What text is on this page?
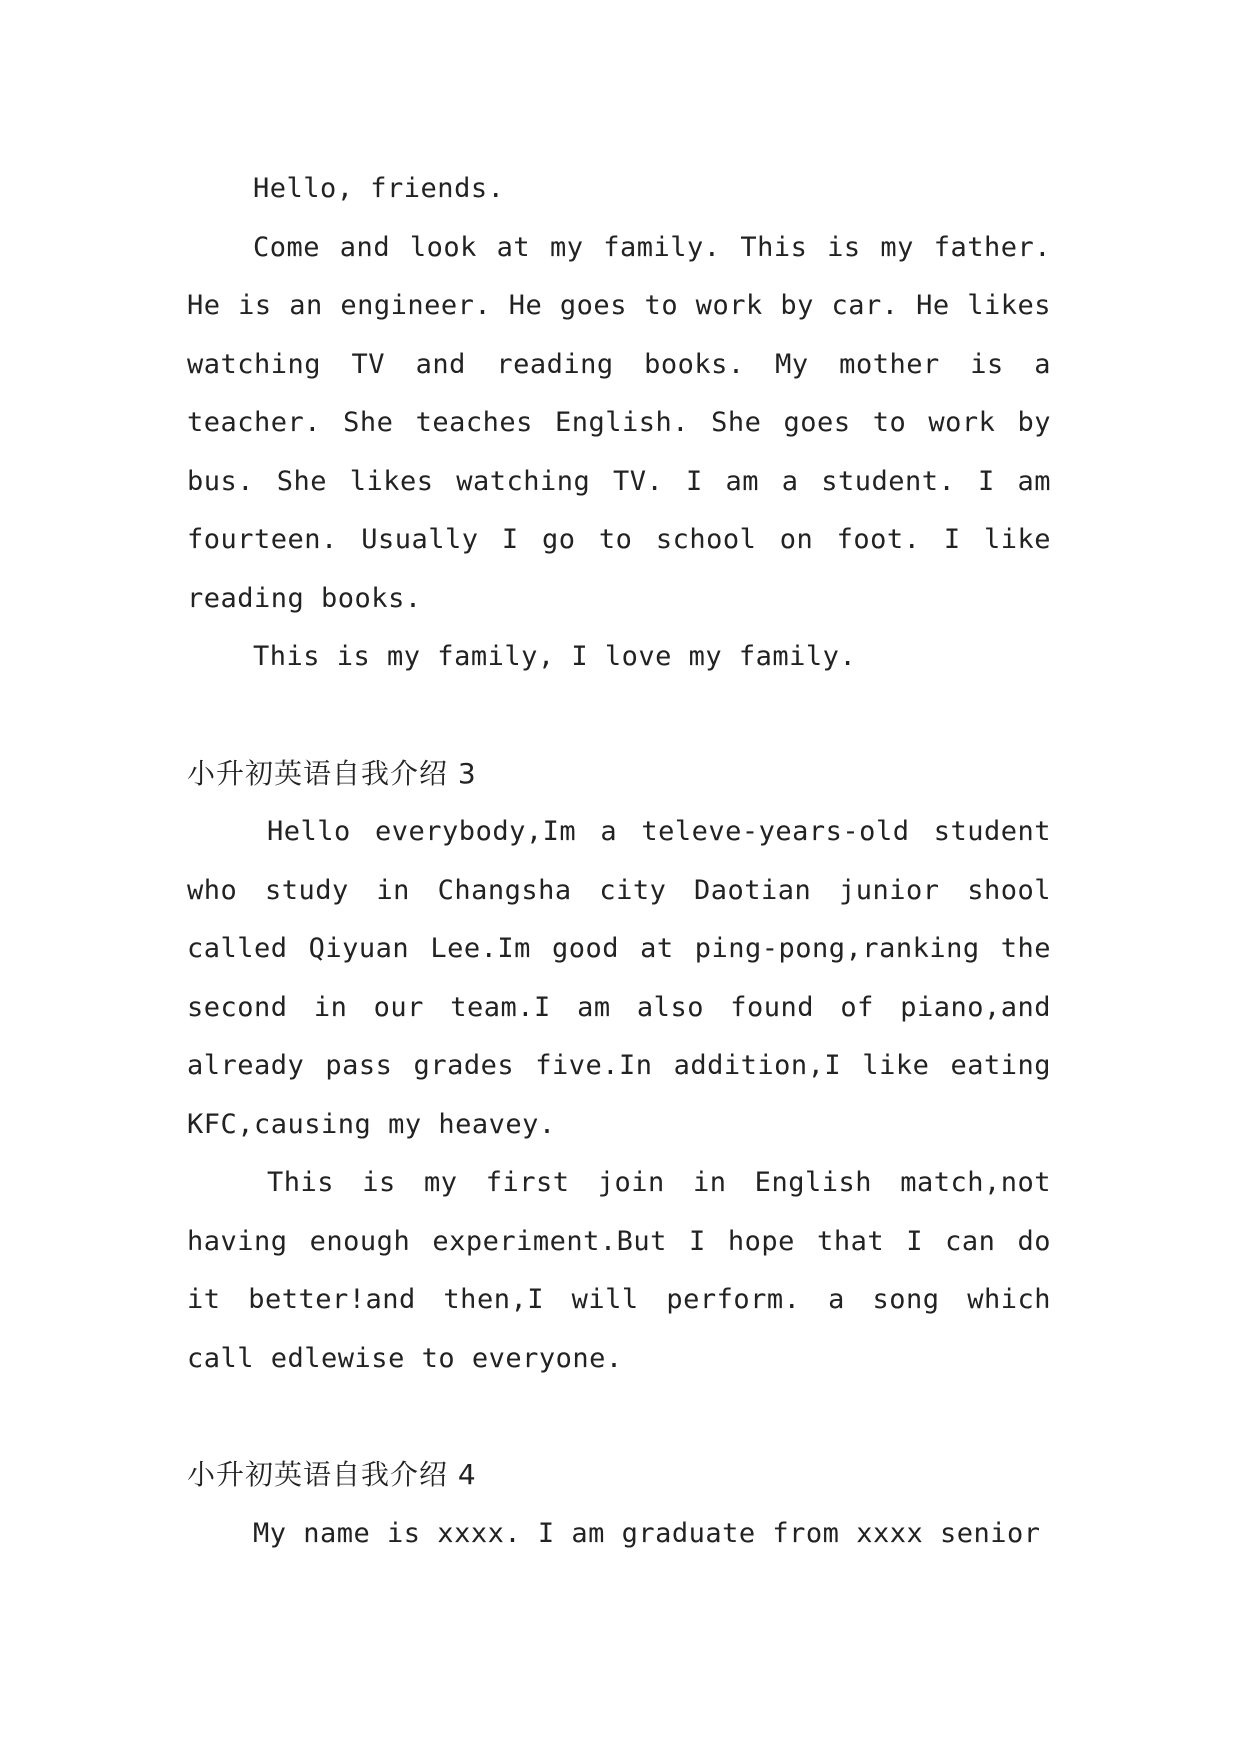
Hello, friends.

Come and look at my family. This is my father. He is an engineer. He goes to work by car. He likes watching TV and reading books. My mother is a teacher. She teaches English. She goes to work by bus. She likes watching TV. I am a student. I am fourteen. Usually I go to school on foot. I like reading books.

This is my family, I love my family.

小升初英语自我介绍 3

Hello everybody,Im a televe-years-old student who study in Changsha city Daotian junior shool called Qiyuan Lee.Im good at ping-pong,ranking the second in our team.I am also found of piano,and already pass grades five.In addition,I like eating KFC,causing my heavey.

This is my first join in English match,not having enough experiment.But I hope that I can do it better!and then,I will perform. a song which call edlewise to everyone.

小升初英语自我介绍 4

My name is xxxx. I am graduate from xxxx senior
